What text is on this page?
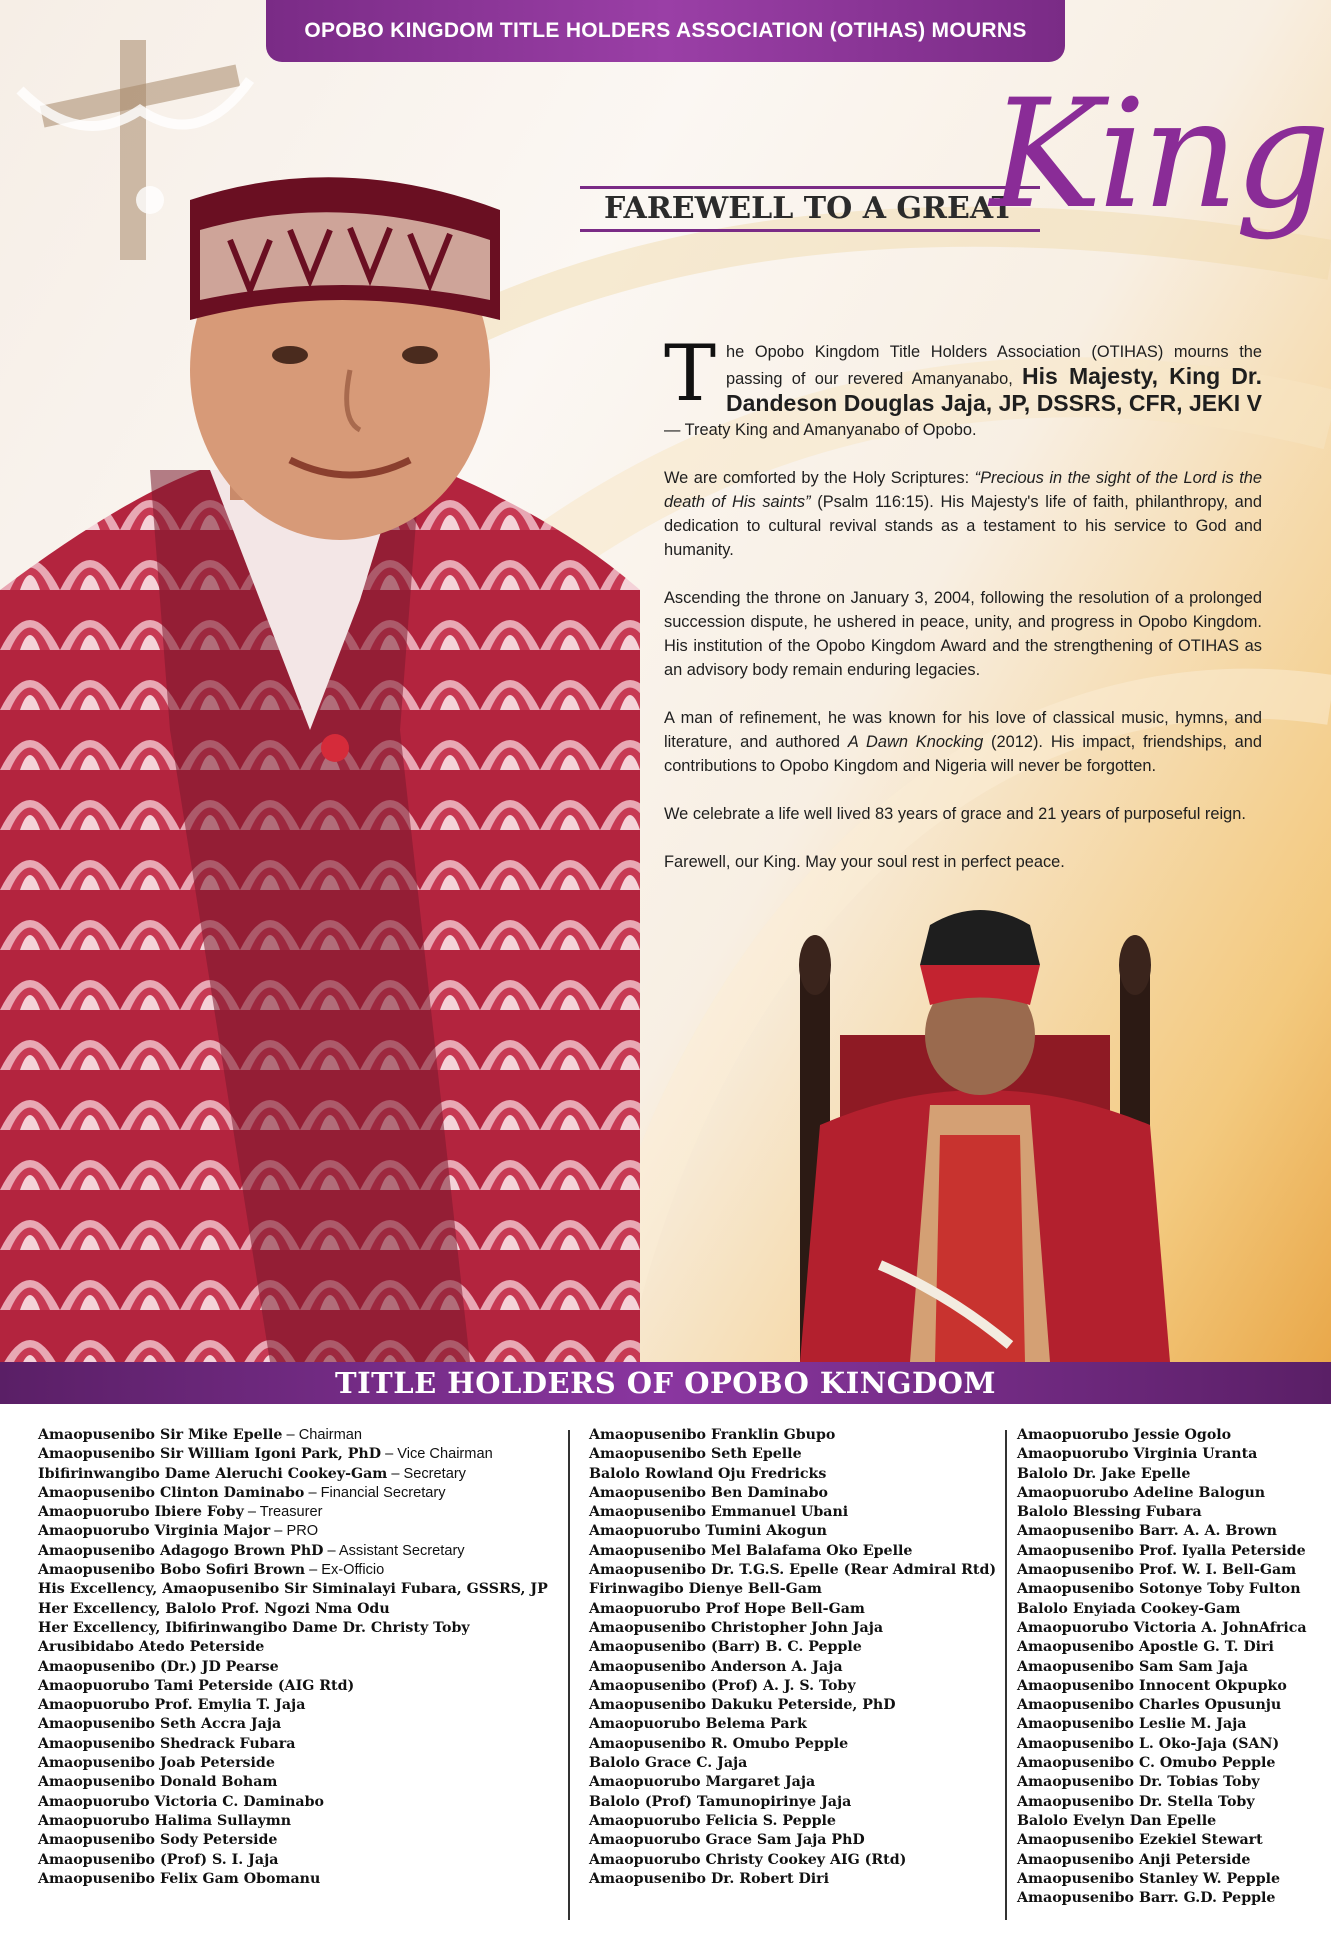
OPOBO KINGDOM TITLE HOLDERS ASSOCIATION (OTIHAS) MOURNS
FAREWELL TO A GREAT
King

The Opobo Kingdom Title Holders Association (OTIHAS) mourns the passing of our revered Amanyanabo, His Majesty, King Dr. Dandeson Douglas Jaja, JP, DSSRS, CFR, JEKI V — Treaty King and Amanyanabo of Opobo.

We are comforted by the Holy Scriptures: “Precious in the sight of the Lord is the death of His saints” (Psalm 116:15). His Majesty's life of faith, philanthropy, and dedication to cultural revival stands as a testament to his service to God and humanity.

Ascending the throne on January 3, 2004, following the resolution of a prolonged succession dispute, he ushered in peace, unity, and progress in Opobo Kingdom. His institution of the Opobo Kingdom Award and the strengthening of OTIHAS as an advisory body remain enduring legacies.

A man of refinement, he was known for his love of classical music, hymns, and literature, and authored A Dawn Knocking (2012). His impact, friendships, and contributions to Opobo Kingdom and Nigeria will never be forgotten.

We celebrate a life well lived 83 years of grace and 21 years of purposeful reign.

Farewell, our King. May your soul rest in perfect peace.

TITLE HOLDERS OF OPOBO KINGDOM
Amaopusenibo Sir Mike Epelle – Chairman
Amaopusenibo Sir William Igoni Park, PhD – Vice Chairman
Ibifirinwangibo Dame Aleruchi Cookey-Gam – Secretary
Amaopusenibo Clinton Daminabo – Financial Secretary
Amaopuorubo Ibiere Foby – Treasurer
Amaopuorubo Virginia Major – PRO
Amaopusenibo Adagogo Brown PhD – Assistant Secretary
Amaopusenibo Bobo Sofiri Brown – Ex-Officio
His Excellency, Amaopusenibo Sir Siminalayi Fubara, GSSRS, JP
Her Excellency, Balolo Prof. Ngozi Nma Odu
Her Excellency, Ibifirinwangibo Dame Dr. Christy Toby
Arusibidabo Atedo Peterside
Amaopusenibo (Dr.) JD Pearse
Amaopuorubo Tami Peterside (AIG Rtd)
Amaopuorubo Prof. Emylia T. Jaja
Amaopusenibo Seth Accra Jaja
Amaopusenibo Shedrack Fubara
Amaopusenibo Joab Peterside
Amaopusenibo Donald Boham
Amaopuorubo Victoria C. Daminabo
Amaopuorubo Halima Sullaymn
Amaopusenibo Sody Peterside
Amaopusenibo (Prof) S. I. Jaja
Amaopusenibo Felix Gam Obomanu
Amaopusenibo Franklin Gbupo
Amaopusenibo Seth Epelle
Balolo Rowland Oju Fredricks
Amaopusenibo Ben Daminabo
Amaopusenibo Emmanuel Ubani
Amaopuorubo Tumini Akogun
Amaopusenibo Mel Balafama Oko Epelle
Amaopusenibo Dr. T.G.S. Epelle (Rear Admiral Rtd)
Firinwagibo Dienye Bell-Gam
Amaopuorubo Prof Hope Bell-Gam
Amaopusenibo Christopher John Jaja
Amaopusenibo (Barr) B. C. Pepple
Amaopusenibo Anderson A. Jaja
Amaopusenibo (Prof) A. J. S. Toby
Amaopusenibo Dakuku Peterside, PhD
Amaopuorubo Belema Park
Amaopusenibo R. Omubo Pepple
Balolo Grace C. Jaja
Amaopuorubo Margaret Jaja
Balolo (Prof) Tamunopirinye Jaja
Amaopuorubo Felicia S. Pepple
Amaopuorubo Grace Sam Jaja PhD
Amaopuorubo Christy Cookey AIG (Rtd)
Amaopusenibo Dr. Robert Diri
Amaopuorubo Jessie Ogolo
Amaopuorubo Virginia Uranta
Balolo Dr. Jake Epelle
Amaopuorubo Adeline Balogun
Balolo Blessing Fubara
Amaopusenibo Barr. A. A. Brown
Amaopusenibo Prof. Iyalla Peterside
Amaopusenibo Prof. W. I. Bell-Gam
Amaopusenibo Sotonye Toby Fulton
Balolo Enyiada Cookey-Gam
Amaopuorubo Victoria A. JohnAfrica
Amaopusenibo Apostle G. T. Diri
Amaopusenibo Sam Sam Jaja
Amaopusenibo Innocent Okpupko
Amaopusenibo Charles Opusunju
Amaopusenibo Leslie M. Jaja
Amaopusenibo L. Oko-Jaja (SAN)
Amaopusenibo C. Omubo Pepple
Amaopusenibo Dr. Tobias Toby
Amaopusenibo Dr. Stella Toby
Balolo Evelyn Dan Epelle
Amaopusenibo Ezekiel Stewart
Amaopusenibo Anji Peterside
Amaopusenibo Stanley W. Pepple
Amaopusenibo Barr. G.D. Pepple
